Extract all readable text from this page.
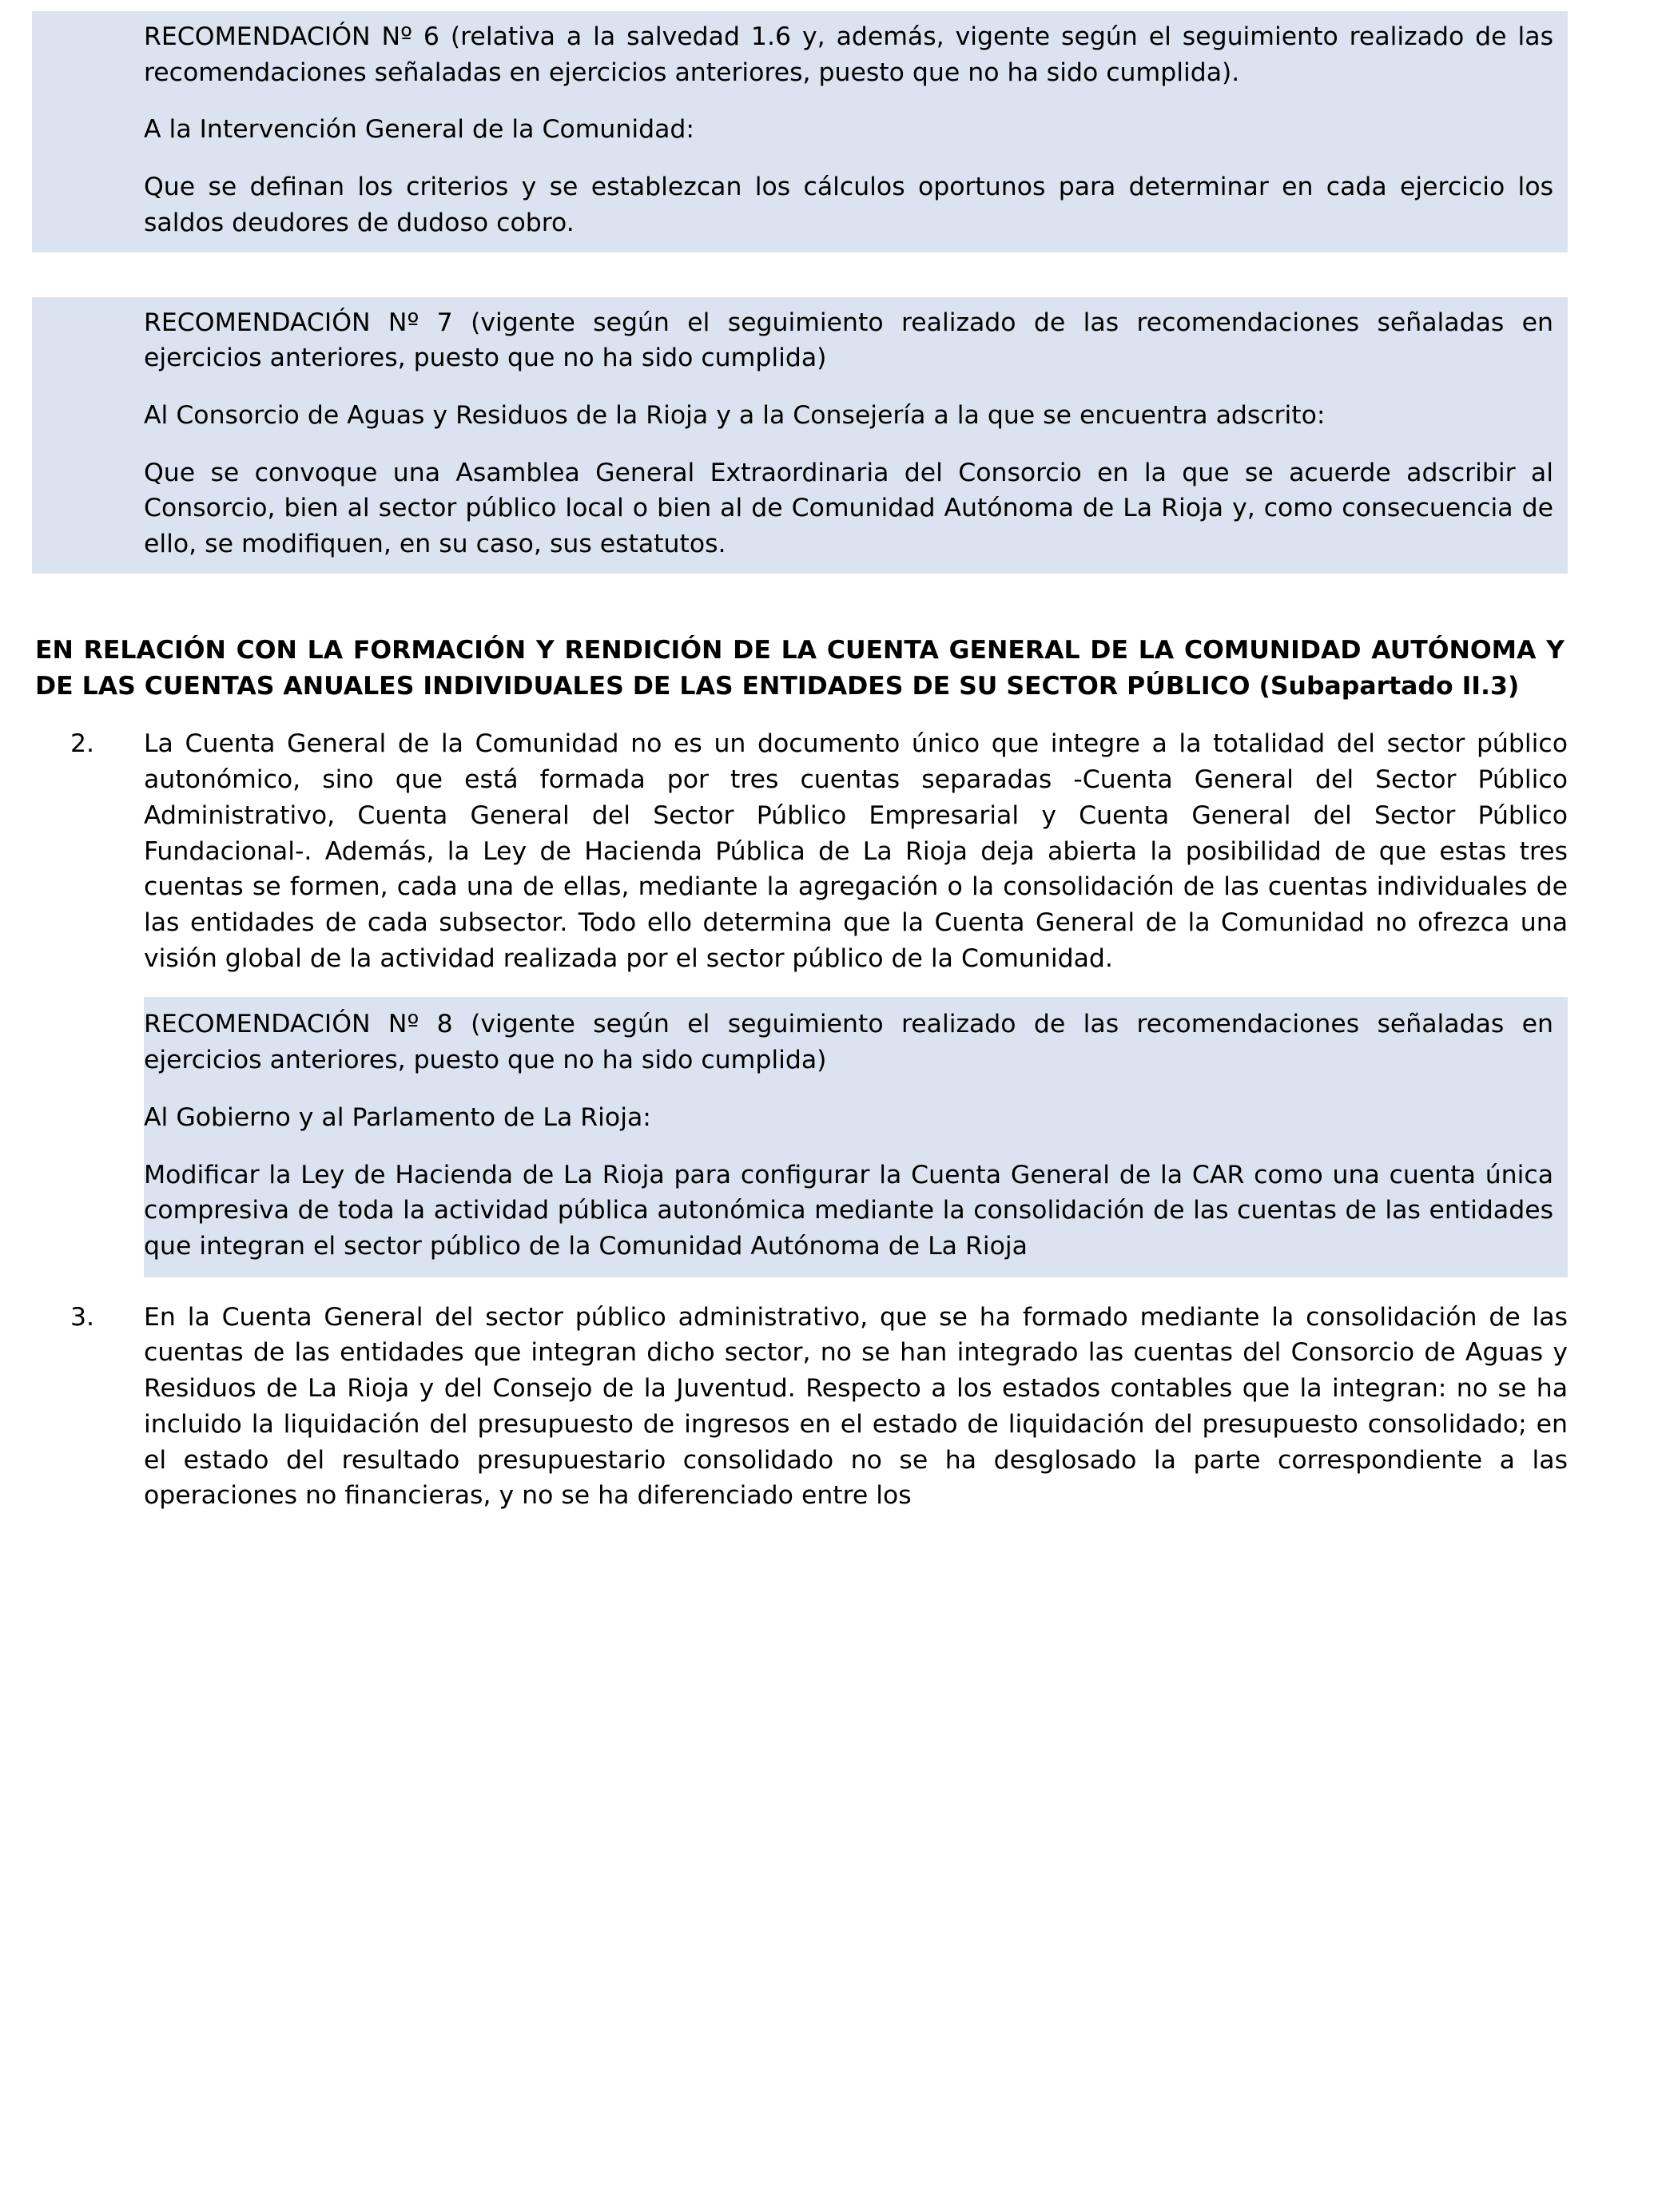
RECOMENDACIÓN Nº 6 (relativa a la salvedad 1.6 y, además, vigente según el seguimiento realizado de las recomendaciones señaladas en ejercicios anteriores, puesto que no ha sido cumplida).

A la Intervención General de la Comunidad:

Que se definan los criterios y se establezcan los cálculos oportunos para determinar en cada ejercicio los saldos deudores de dudoso cobro.

RECOMENDACIÓN Nº 7 (vigente según el seguimiento realizado de las recomendaciones señaladas en ejercicios anteriores, puesto que no ha sido cumplida)

Al Consorcio de Aguas y Residuos de la Rioja y a la Consejería a la que se encuentra adscrito:

Que se convoque una Asamblea General Extraordinaria del Consorcio en la que se acuerde adscribir al Consorcio, bien al sector público local o bien al de Comunidad Autónoma de La Rioja y, como consecuencia de ello, se modifiquen, en su caso, sus estatutos.

EN RELACIÓN CON LA FORMACIÓN Y RENDICIÓN DE LA CUENTA GENERAL DE LA COMUNIDAD AUTÓNOMA Y DE LAS CUENTAS ANUALES INDIVIDUALES DE LAS ENTIDADES DE SU SECTOR PÚBLICO (Subapartado II.3)

2.	La Cuenta General de la Comunidad no es un documento único que integre a la totalidad del sector público autonómico, sino que está formada por tres cuentas separadas -Cuenta General del Sector Público Administrativo, Cuenta General del Sector Público Empresarial y Cuenta General del Sector Público Fundacional-. Además, la Ley de Hacienda Pública de La Rioja deja abierta la posibilidad de que estas tres cuentas se formen, cada una de ellas, mediante la agregación o la consolidación de las cuentas individuales de las entidades de cada subsector. Todo ello determina que la Cuenta General de la Comunidad no ofrezca una visión global de la actividad realizada por el sector público de la Comunidad.

RECOMENDACIÓN Nº 8 (vigente según el seguimiento realizado de las recomendaciones señaladas en ejercicios anteriores, puesto que no ha sido cumplida)

Al Gobierno y al Parlamento de La Rioja:

Modificar la Ley de Hacienda de La Rioja para configurar la Cuenta General de la CAR como una cuenta única compresiva de toda la actividad pública autonómica mediante la consolidación de las cuentas de las entidades que integran el sector público de la Comunidad Autónoma de La Rioja

3.	En la Cuenta General del sector público administrativo, que se ha formado mediante la consolidación de las cuentas de las entidades que integran dicho sector, no se han integrado las cuentas del Consorcio de Aguas y Residuos de La Rioja y del Consejo de la Juventud. Respecto a los estados contables que la integran: no se ha incluido la liquidación del presupuesto de ingresos en el estado de liquidación del presupuesto consolidado; en el estado del resultado presupuestario consolidado no se ha desglosado la parte correspondiente a las operaciones no financieras, y no se ha diferenciado entre los
